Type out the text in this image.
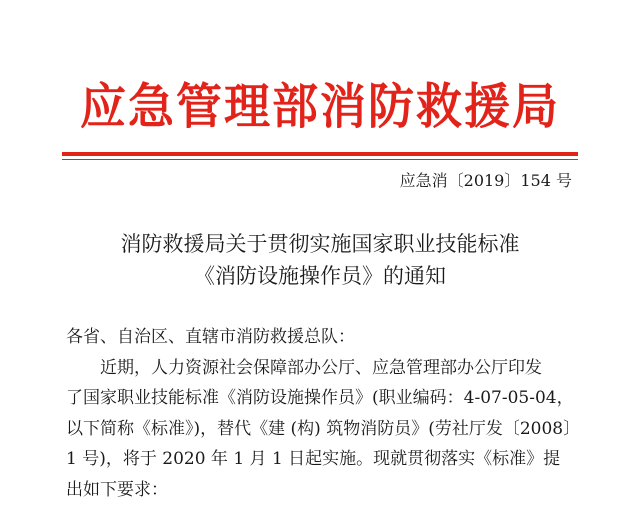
应急管理部消防救援局
应急消〔2019〕154 号
消防救援局关于贯彻实施国家职业技能标准
《消防设施操作员》的通知

各省、自治区、直辖市消防救援总队：

近期，人力资源社会保障部办公厅、应急管理部办公厅印发

了国家职业技能标准《消防设施操作员》(职业编码：4-07-05-04，

以下简称《标准》)，替代《建 (构) 筑物消防员》(劳社厅发〔2008〕

1 号)，将于 2020 年 1 月 1 日起实施。现就贯彻落实《标准》提

出如下要求：
